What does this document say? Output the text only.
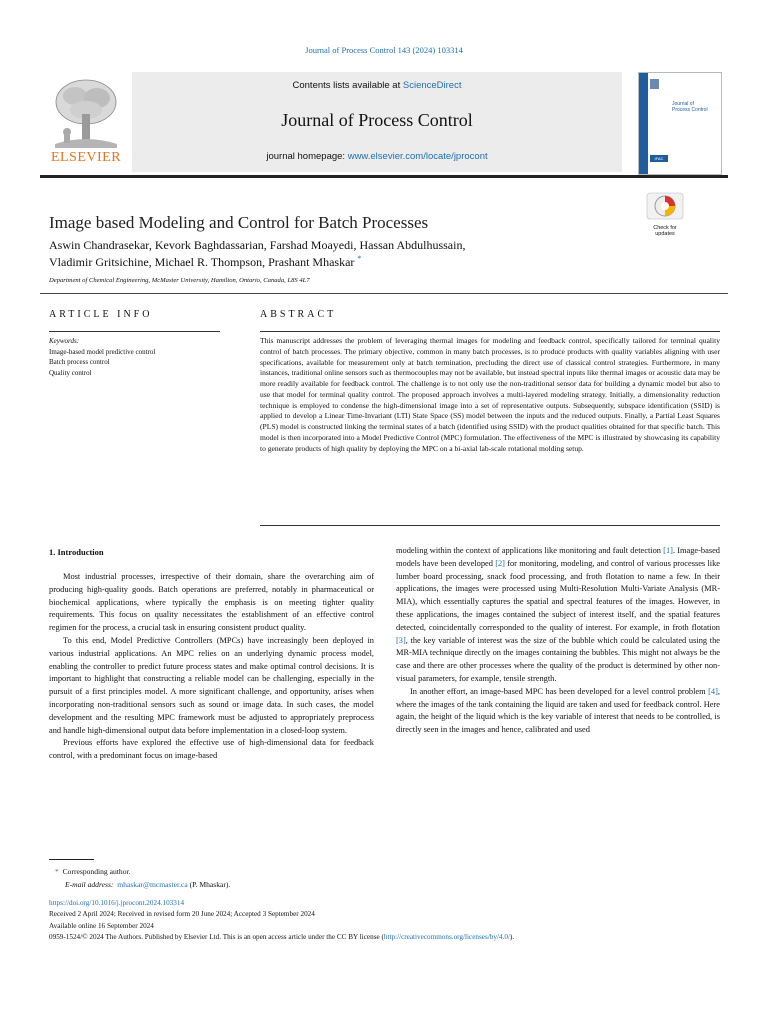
Journal of Process Control 143 (2024) 103314
ELSEVIER
Contents lists available at ScienceDirect
Journal of Process Control
journal homepage: www.elsevier.com/locate/jprocont
Journal of
Process Control
IFAC
Check for updates
Image based Modeling and Control for Batch Processes
Aswin Chandrasekar, Kevork Baghdassarian, Farshad Moayedi, Hassan Abdulhussain,
Vladimir Gritsichine, Michael R. Thompson, Prashant Mhaskar *
Department of Chemical Engineering, McMaster University, Hamilton, Ontario, Canada, L8S 4L7
ARTICLE INFO	ABSTRACT
Keywords:
Image-based model predictive control
Batch process control
Quality control
This manuscript addresses the problem of leveraging thermal images for modeling and feedback control, specifically tailored for terminal quality control of batch processes. The primary objective, common in many batch processes, is to produce products with quality variables aligning with user specifications, available for measurement only at batch termination, precluding the direct use of classical control strategies. Furthermore, in many instances, traditional online sensors such as thermocouples may not be available, but instead spectral inputs like thermal images or acoustic data may be more readily available for feedback control. The challenge is to not only use the non-traditional sensor data for building a dynamic model but also to use that model for terminal quality control. The proposed approach involves a multi-layered modeling strategy. Initially, a dimensionality reduction technique is employed to condense the high-dimensional image into a set of representative outputs. Subsequently, subspace identification (SSID) is applied to develop a Linear Time-Invariant (LTI) State Space (SS) model between the inputs and the reduced outputs. Finally, a Partial Least Squares (PLS) model is constructed linking the terminal states of a batch (identified using SSID) with the product qualities obtained for that specific batch. This model is then incorporated into a Model Predictive Control (MPC) formulation. The effectiveness of the MPC is illustrated by showcasing its capability to generate products of high quality by deploying the MPC on a bi-axial lab-scale rotational molding setup.
1. Introduction

Most industrial processes, irrespective of their domain, share the overarching aim of producing high-quality goods. Batch operations are preferred, notably in pharmaceutical or biochemical applications, where typically the emphasis is on meeting tighter quality requirements. This focus on quality necessitates the establishment of an effective control regimen for the process, a crucial task in ensuring consistent product quality.

To this end, Model Predictive Controllers (MPCs) have increasingly been deployed in various industrial applications. An MPC relies on an underlying dynamic process model, enabling the controller to predict future process states and make optimal control decisions. It is important to highlight that constructing a reliable model can be challenging, especially in the pursuit of a first principles model. A more significant challenge, and opportunity, arises when incorporating non-traditional sensors such as sound or image data. In such cases, the model development and the resulting MPC framework must be adjusted to appropriately preprocess and handle high-dimensional output data before implementation in a closed-loop system.

Previous efforts have explored the effective use of high-dimensional data for feedback control, with a predominant focus on image-based

modeling within the context of applications like monitoring and fault detection [1]. Image-based models have been developed [2] for monitoring, modeling, and control of various processes like lumber board processing, snack food processing, and froth flotation to name a few. In their applications, the images were processed using Multi-Resolution Multi-Variate Analysis (MR-MIA), which essentially captures the spatial and spectral features of the images. However, in these applications, the images contained the subject of interest itself, and the spatial features detected, coincidentally corresponded to the quality of interest. For example, in froth flotation [3], the key variable of interest was the size of the bubble which could be calculated using the MR-MIA technique directly on the images containing the bubbles. This might not always be the case and there are other processes where the quality of the product is determined by other non-visual parameters, for example, tensile strength.

In another effort, an image-based MPC has been developed for a level control problem [4], where the images of the tank containing the liquid are taken and used for feedback control. Here again, the height of the liquid which is the key variable of interest that needs to be controlled, is directly seen in the images and hence, calibrated and used

* Corresponding author.
E-mail address: mhaskar@mcmaster.ca (P. Mhaskar).
https://doi.org/10.1016/j.jprocont.2024.103314
Received 2 April 2024; Received in revised form 20 June 2024; Accepted 3 September 2024
Available online 16 September 2024
0959-1524/© 2024 The Authors. Published by Elsevier Ltd. This is an open access article under the CC BY license (http://creativecommons.org/licenses/by/4.0/).
